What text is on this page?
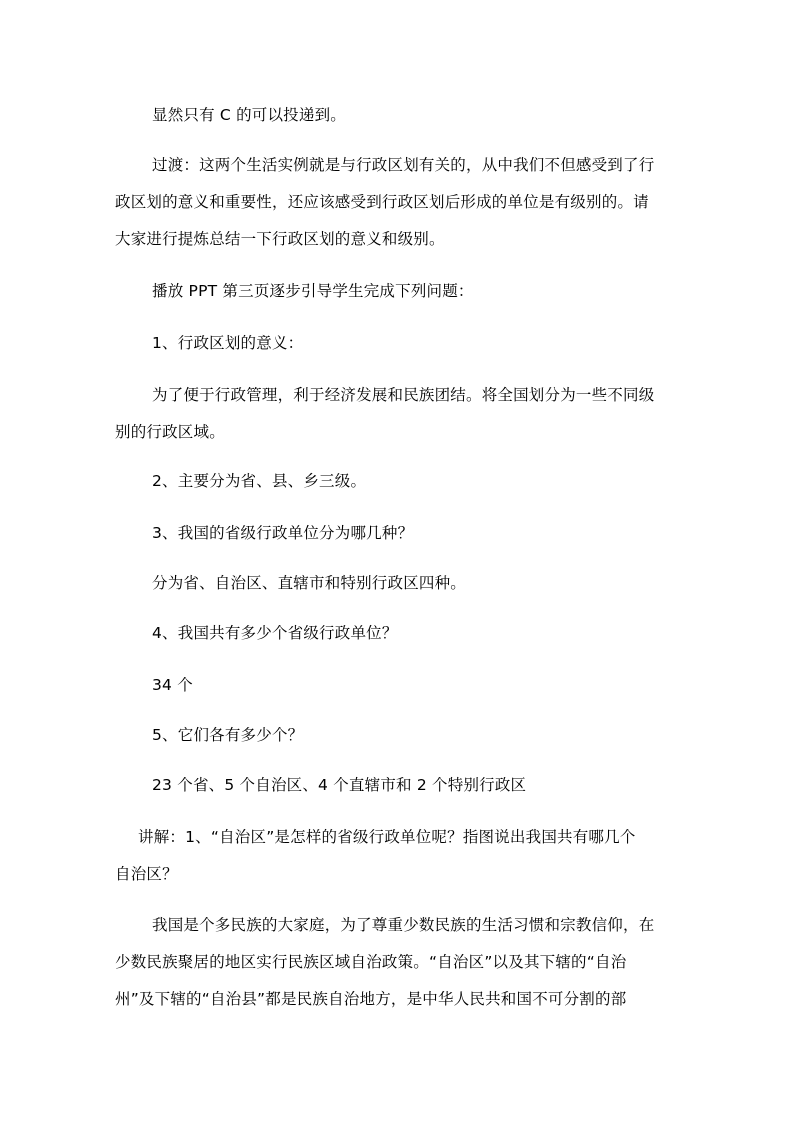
显然只有 C 的可以投递到。
过渡：这两个生活实例就是与行政区划有关的，从中我们不但感受到了行
政区划的意义和重要性，还应该感受到行政区划后形成的单位是有级别的。请
大家进行提炼总结一下行政区划的意义和级别。
播放 PPT 第三页逐步引导学生完成下列问题：
1、行政区划的意义：
为了便于行政管理，利于经济发展和民族团结。将全国划分为一些不同级
别的行政区域。
2、主要分为省、县、乡三级。
3、我国的省级行政单位分为哪几种？
分为省、自治区、直辖市和特别行政区四种。
4、我国共有多少个省级行政单位？
34 个
5、它们各有多少个？
23 个省、5 个自治区、4 个直辖市和 2 个特别行政区
讲解：1、“自治区”是怎样的省级行政单位呢？指图说出我国共有哪几个
自治区？
我国是个多民族的大家庭，为了尊重少数民族的生活习惯和宗教信仰，在
少数民族聚居的地区实行民族区域自治政策。“自治区”以及其下辖的“自治
州”及下辖的“自治县”都是民族自治地方，是中华人民共和国不可分割的部
